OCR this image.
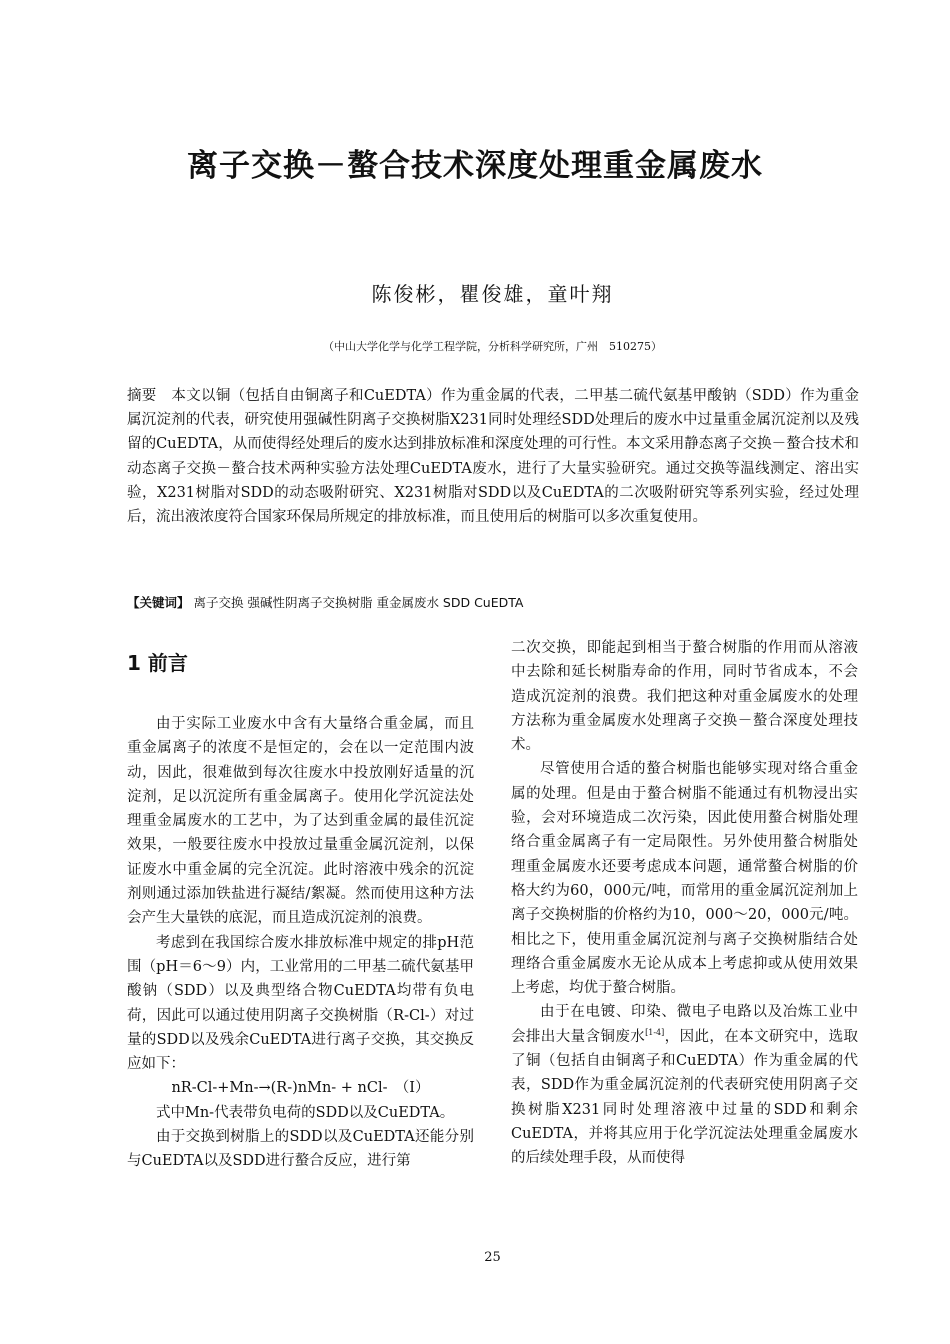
离子交换－螯合技术深度处理重金属废水
陈俊彬，瞿俊雄，童叶翔
（中山大学化学与化学工程学院，分析科学研究所，广州　510275）
摘要　本文以铜（包括自由铜离子和CuEDTA）作为重金属的代表，二甲基二硫代氨基甲酸钠（SDD）作为重金属沉淀剂的代表，研究使用强碱性阴离子交换树脂X231同时处理经SDD处理后的废水中过量重金属沉淀剂以及残留的CuEDTA，从而使得经处理后的废水达到排放标准和深度处理的可行性。本文采用静态离子交换－螯合技术和动态离子交换－螯合技术两种实验方法处理CuEDTA废水，进行了大量实验研究。通过交换等温线测定、溶出实验，X231树脂对SDD的动态吸附研究、X231树脂对SDD以及CuEDTA的二次吸附研究等系列实验，经过处理后，流出液浓度符合国家环保局所规定的排放标准，而且使用后的树脂可以多次重复使用。
【关键词】 离子交换 强碱性阴离子交换树脂 重金属废水 SDD CuEDTA
1 前言

由于实际工业废水中含有大量络合重金属，而且重金属离子的浓度不是恒定的，会在以一定范围内波动，因此，很难做到每次往废水中投放刚好适量的沉淀剂，足以沉淀所有重金属离子。使用化学沉淀法处理重金属废水的工艺中，为了达到重金属的最佳沉淀效果，一般要往废水中投放过量重金属沉淀剂，以保证废水中重金属的完全沉淀。此时溶液中残余的沉淀剂则通过添加铁盐进行凝结/絮凝。然而使用这种方法会产生大量铁的底泥，而且造成沉淀剂的浪费。

考虑到在我国综合废水排放标准中规定的排pH范围（pH＝6～9）内，工业常用的二甲基二硫代氨基甲酸钠（SDD）以及典型络合物CuEDTA均带有负电荷，因此可以通过使用阴离子交换树脂（R-Cl-）对过量的SDD以及残余CuEDTA进行离子交换，其交换反应如下：

nR-Cl-+Mn-→(R-)nMn- + nCl-　（Ⅰ）

式中Mn-代表带负电荷的SDD以及CuEDTA。

由于交换到树脂上的SDD以及CuEDTA还能分别与CuEDTA以及SDD进行螯合反应，进行第

二次交换，即能起到相当于螯合树脂的作用而从溶液中去除和延长树脂寿命的作用，同时节省成本，不会造成沉淀剂的浪费。我们把这种对重金属废水的处理方法称为重金属废水处理离子交换－螯合深度处理技术。

尽管使用合适的螯合树脂也能够实现对络合重金属的处理。但是由于螯合树脂不能通过有机物浸出实验，会对环境造成二次污染，因此使用螯合树脂处理络合重金属离子有一定局限性。另外使用螯合树脂处理重金属废水还要考虑成本问题，通常螯合树脂的价格大约为60，000元/吨，而常用的重金属沉淀剂加上离子交换树脂的价格约为10，000～20，000元/吨。相比之下，使用重金属沉淀剂与离子交换树脂结合处理络合重金属废水无论从成本上考虑抑或从使用效果上考虑，均优于螯合树脂。

由于在电镀、印染、微电子电路以及冶炼工业中会排出大量含铜废水[1-4]，因此，在本文研究中，选取了铜（包括自由铜离子和CuEDTA）作为重金属的代表，SDD作为重金属沉淀剂的代表研究使用阴离子交换树脂X231同时处理溶液中过量的SDD和剩余CuEDTA，并将其应用于化学沉淀法处理重金属废水的后续处理手段，从而使得

25
